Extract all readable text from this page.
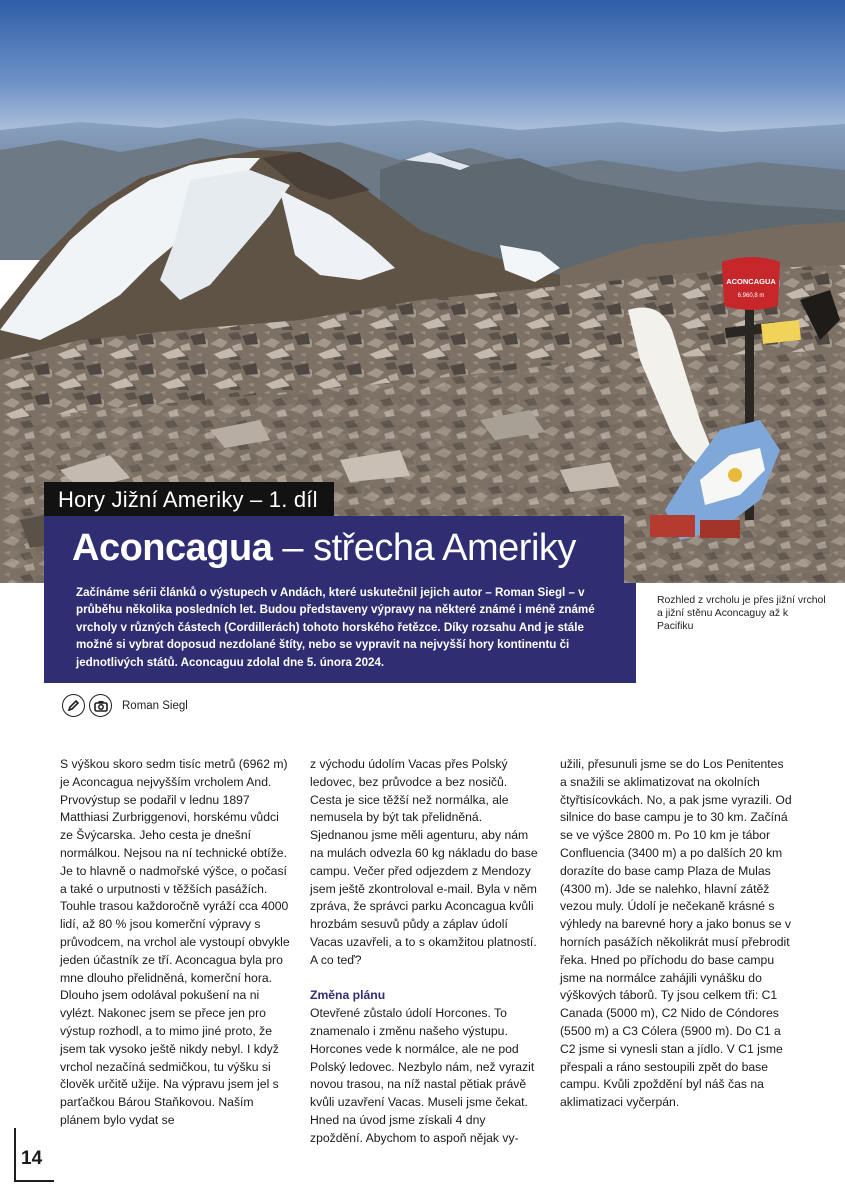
ACONCAGUA
6.960,8 m
Hory Jižní Ameriky – 1. díl
Aconcagua – střecha Ameriky
Začínáme sérii článků o výstupech v Andách, které uskutečnil jejich autor – Roman Siegl – v průběhu několika posledních let. Budou představeny výpravy na některé známé i méně známé vrcholy v různých částech (Cordillerách) tohoto horského řetězce. Díky rozsahu And je stále možné si vybrat doposud nezdolané štíty, nebo se vypravit na nejvyšší hory kontinentu či jednotlivých států. Aconcaguu zdolal dne 5. února 2024.
Rozhled z vrcholu je přes jižní vrchol a jižní stěnu Aconcaguy až k Pacifiku
Roman Siegl

S výškou skoro sedm tisíc metrů (6962 m) je Aconcagua nejvyšším vrcholem And. Prvovýstup se podařil v lednu 1897 Matthiasi Zurbriggenovi, horskému vůdci ze Švýcarska. Jeho cesta je dnešní normálkou. Nejsou na ní technické obtíže. Je to hlavně o nadmořské výšce, o počasí a také o urputnosti v těžších pasážích. Touhle trasou každoročně vyráží cca 4000 lidí, až 80 % jsou komerční výpravy s průvodcem, na vrchol ale vystoupí obvykle jeden účastník ze tří. Aconcagua byla pro mne dlouho přelidněná, komerční hora. Dlouho jsem odolával pokušení na ni vylézt. Nakonec jsem se přece jen pro výstup rozhodl, a to mimo jiné proto, že jsem tak vysoko ještě nikdy nebyl. I když vrchol nezačíná sedmičkou, tu výšku si člověk určitě užije. Na výpravu jsem jel s parťačkou Bárou Staňkovou. Naším plánem bylo vydat se

z východu údolím Vacas přes Polský ledovec, bez průvodce a bez nosičů. Cesta je sice těžší než normálka, ale nemusela by být tak přelidněná. Sjednanou jsme měli agenturu, aby nám na mulách odvezla 60 kg nákladu do base campu. Večer před odjezdem z Mendozy jsem ještě zkontroloval e-mail. Byla v něm zpráva, že správci parku Aconcagua kvůli hrozbám sesuvů půdy a záplav údolí Vacas uzavřeli, a to s okamžitou platností. A co teď?

Změna plánu

Otevřené zůstalo údolí Horcones. To znamenalo i změnu našeho výstupu. Horcones vede k normálce, ale ne pod Polský ledovec. Nezbylo nám, než vyrazit novou trasou, na níž nastal pětiak právě kvůli uzavření Vacas. Museli jsme čekat. Hned na úvod jsme získali 4 dny zpoždění. Abychom to aspoň nějak vy-

užili, přesunuli jsme se do Los Penitentes a snažili se aklimatizovat na okolních čtyřtisícovkách. No, a pak jsme vyrazili. Od silnice do base campu je to 30 km. Začíná se ve výšce 2800 m. Po 10 km je tábor Confluencia (3400 m) a po dalších 20 km dorazíte do base camp Plaza de Mulas (4300 m). Jde se nalehko, hlavní zátěž vezou muly. Údolí je nečekaně krásné s výhledy na barevné hory a jako bonus se v horních pasážích několikrát musí přebrodit řeka. Hned po příchodu do base campu jsme na normálce zahájili vynášku do výškových táborů. Ty jsou celkem tři: C1 Canada (5000 m), C2 Nido de Cóndores (5500 m) a C3 Cólera (5900 m). Do C1 a C2 jsme si vynesli stan a jídlo. V C1 jsme přespali a ráno sestoupili zpět do base campu. Kvůli zpoždění byl náš čas na aklimatizaci vyčerpán.

14
